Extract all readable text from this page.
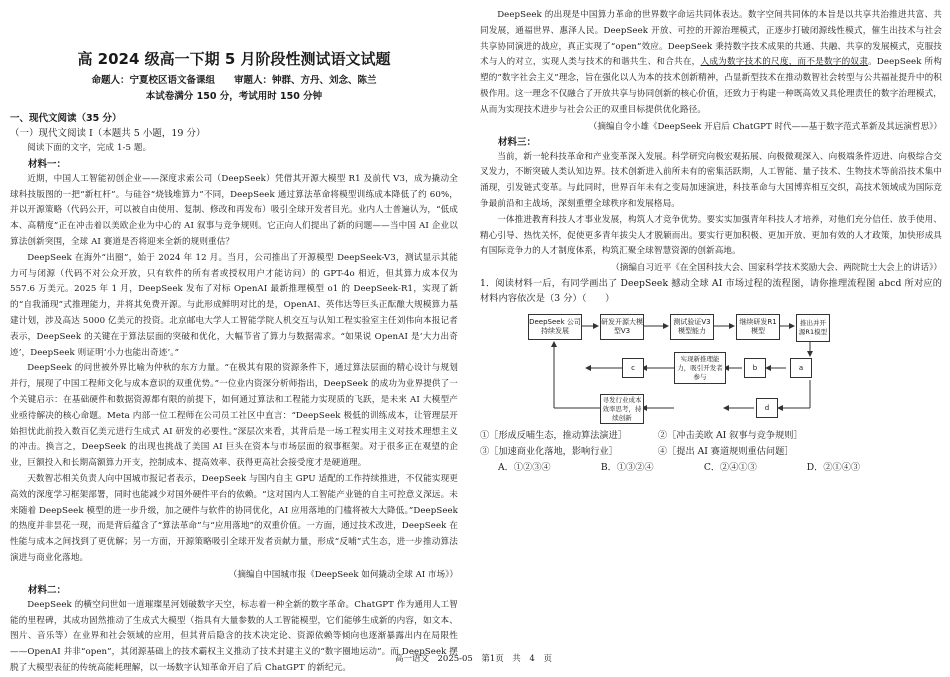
高 2024 级高一下期 5 月阶段性测试语文试题
命题人：宁夏校区语文备课组　　审题人：钟群、方丹、刘念、陈兰
本试卷满分 150 分，考试用时 150 分钟
一、现代文阅读（35 分）
（一）现代文阅读 I（本题共 5 小题，19 分）

阅读下面的文字，完成 1-5 题。

材料一：

近期，中国人工智能初创企业——深度求索公司（DeepSeek）凭借其开源大模型 R1 及前代 V3，成为撬动全球科技版图的一把“新杠杆”。与硅谷“烧钱堆算力”不同，DeepSeek 通过算法革命将模型训练成本降低了约 60%，并以开源策略（代码公开，可以被自由使用、复制、修改和再发布）吸引全球开发者目光。业内人士普遍认为，“低成本、高精度”正在冲击着以美欧企业为中心的 AI 叙事与竞争规则。它正向人们提出了新的问题——当中国 AI 企业以算法创新突围，全球 AI 赛道是否将迎来全新的规则重估？

DeepSeek 在海外“出圈”，始于 2024 年 12 月。当月，公司推出了开源模型 DeepSeek-V3，测试显示其能力可与闭源（代码不对公众开放，只有软件的所有者或授权用户才能访问）的 GPT-4o 相近，但其算力成本仅为 557.6 万美元。2025 年 1 月，DeepSeek 发布了对标 OpenAI 最新推理模型 o1 的 DeepSeek-R1，实现了新的“自我涌现”式推理能力，并将其免费开源。与此形成鲜明对比的是，OpenAI、英伟达等巨头正酝酿大规模算力基建计划，涉及高达 5000 亿美元的投资。北京邮电大学人工智能学院人机交互与认知工程实验室主任刘伟向本报记者表示，DeepSeek 的关键在于算法层面的突破和优化，大幅节省了算力与数据需求。“如果说 OpenAI 是‘大力出奇迹’，DeepSeek 则证明‘小力也能出奇迹’。”

DeepSeek 的问世被外界比喻为仲秋的东方力量。“在极其有限的资源条件下，通过算法层面的精心设计与规划并行，展现了中国工程师文化与成本意识的双重优势。”一位业内资深分析师指出，DeepSeek 的成功为业界提供了一个关键启示：在基础硬件和数据资源都有限的前提下，如何通过算法和工程能力实现质的飞跃，是未来 AI 大模型产业亟待解决的核心命题。Meta 内部一位工程师在公司员工社区中直言：“DeepSeek 极低的训练成本，让管理层开始担忧此前投入数百亿美元进行生成式 AI 研发的必要性。”深层次来看，其背后是一场工程实用主义对技术理想主义的冲击。换言之，DeepSeek 的出现也挑战了美国 AI 巨头在资本与市场层面的叙事框架。对于很多正在观望的企业，巨额投入和长期高额算力开支，控制成本、提高效率、获得更高社会接受度才是硬道理。

天数智芯相关负责人向中国城市报记者表示，DeepSeek 与国内自主 GPU 适配的工作持续推进，不仅能实现更高效的深度学习框架部署，同时也能减少对国外硬件平台的依赖。“这对国内人工智能产业链的自主可控意义深远。未来随着 DeepSeek 模型的进一步升级，加之硬件与软件的协同优化，AI 应用落地的门槛将被大大降低。”DeepSeek 的热度并非昙花一现，而是背后蕴含了“算法革命”与“应用落地”的双重价值。一方面，通过技术改进，DeepSeek 在性能与成本之间找到了更优解；另一方面，开源策略吸引全球开发者贡献力量，形成“反哺”式生态，进一步推动算法演进与商业化落地。

（摘编自中国城市报《DeepSeek 如何撬动全球 AI 市场》）
材料二：

DeepSeek 的横空问世如一道璀璨星河划破数字天空，标志着一种全新的数字革命。ChatGPT 作为通用人工智能的里程碑，其成功固然推动了生成式大模型（指具有大量参数的人工智能模型，它们能够生成新的内容，如文本、图片、音乐等）在业界和社会领域的应用，但其背后隐含的技术决定论、资源依赖等倾向也逐渐暴露出内在局限性——OpenAI 并非“open”，其闭源基础上的技术霸权主义推动了技术封建主义的“数字圈地运动”。而 DeepSeek 摆脱了大模型表征的传统高能耗理解，以一场数字认知革命开启了后 ChatGPT 的新纪元。

DeepSeek 的出现是中国算力革命的世界数字命运共同体表达。数字空间共同体的本旨是以共享共治推进共富、共同发展，通福世界、惠泽人民。DeepSeek 开放、可控的开源治理模式，正逐步打破闭源线性模式，催生出技术与社会共享协同演进的战应，真正实现了“open”效应。DeepSeek 秉持数字技术成果的共通、共融、共享的发展模式，克服技术与人的对立，实现人类与技术的和谐共生、和合共在，人成为数字技术的尺度，而不是数字的奴隶。DeepSeek 所构塑的“数字社会主义”理念，旨在强化以人为本的技术创新精神，凸显新型技术在推动数智社会转型与公共福祉提升中的积极作用。这一理念不仅融合了开放共享与协同创新的核心价值，还致力于构建一种既高效又具伦理责任的数字治理模式，从而为实现技术进步与社会公正的双重目标提供优化路径。

（摘编自令小雄《DeepSeek 开启后 ChatGPT 时代——基于数字范式革新及其远演哲思》）
材料三：

当前，新一轮科技革命和产业变革深入发展。科学研究向极宏观拓展、向极微观深入、向极端条件迈进、向极综合交叉发力，不断突破人类认知边界。技术创新进入前所未有的密集活跃期，人工智能、量子技术、生物技术等前沿技术集中涌现，引发链式变革。与此同时，世界百年未有之变局加速演进，科技革命与大国博弈相互交织，高技术领域成为国际竞争最前沿和主战场，深刻重塑全球秩序和发展格局。

一体推进教育科技人才事业发展，构筑人才竞争优势。要实实加强青年科技人才培养，对他们充分信任、放手使用、精心引导、热忱关怀，促使更多青年拔尖人才脱颖而出。要实行更加积极、更加开放、更加有效的人才政策，加快形成具有国际竞争力的人才制度体系，构筑汇聚全球智慧资源的创新高地。

（摘编自习近平《在全国科技大会、国家科学技术奖励大会、两院院士大会上的讲话》）

1．阅读材料一后，有同学画出了 DeepSeek 撼动全球 AI 市场过程的流程图，请你推理流程图 abcd 所对应的材料内容依次是（3 分）（　　）

DeepSeek 公司持续发展
研发开源大模型V3
测试验证V3模型能力
继续研发R1模型
推出并开源R1模型
实现新推理能力，吸引开发者参与
寻发行业成本效率思考，持续创新
a
b
c
d
①［形成反哺生态，推动算法演进］	②［冲击美欧 AI 叙事与竞争规则］
③［加速商业化落地，影响行业］	④［提出 AI 赛道规则重估问题］
A．①②③④	B．①③②④	C．②④①③	D．②①④③
高一语文　2025-05　第1页　共 4 页
